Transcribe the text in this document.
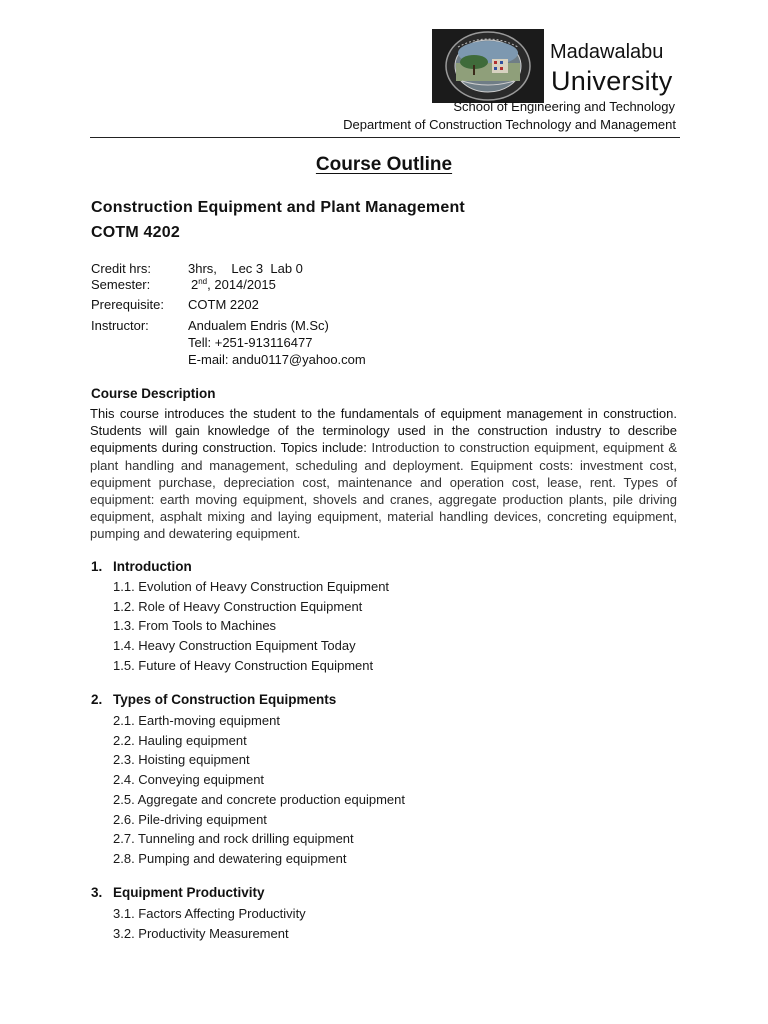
Madawalabu
University
School of Engineering and Technology
Department of Construction Technology and Management
Course Outline
Construction Equipment and Plant Management
COTM 4202
Credit hrs:	3hrs,    Lec 3  Lab 0
Semester:	2nd, 2014/2015
Prerequisite: COTM 2202
Instructor:	Andualem Endris (M.Sc)
Tell: +251-913116477
E-mail: andu0117@yahoo.com
Course Description

This course introduces the student to the fundamentals of equipment management in construction. Students will gain knowledge of the terminology used in the construction industry to describe equipments during construction. Topics include: Introduction to construction equipment, equipment & plant handling and management, scheduling and deployment. Equipment costs: investment cost, equipment purchase, depreciation cost, maintenance and operation cost, lease, rent. Types of equipment: earth moving equipment, shovels and cranes, aggregate production plants, pile driving equipment, asphalt mixing and laying equipment, material handling devices, concreting equipment, pumping and dewatering equipment.

1. Introduction
1.1. Evolution of Heavy Construction Equipment
1.2. Role of Heavy Construction Equipment
1.3. From Tools to Machines
1.4. Heavy Construction Equipment Today
1.5. Future of Heavy Construction Equipment
2. Types of Construction Equipments
2.1. Earth-moving equipment
2.2. Hauling equipment
2.3. Hoisting equipment
2.4. Conveying equipment
2.5. Aggregate and concrete production equipment
2.6. Pile-driving equipment
2.7. Tunneling and rock drilling equipment
2.8. Pumping and dewatering equipment
3. Equipment Productivity
3.1. Factors Affecting Productivity
3.2. Productivity Measurement
